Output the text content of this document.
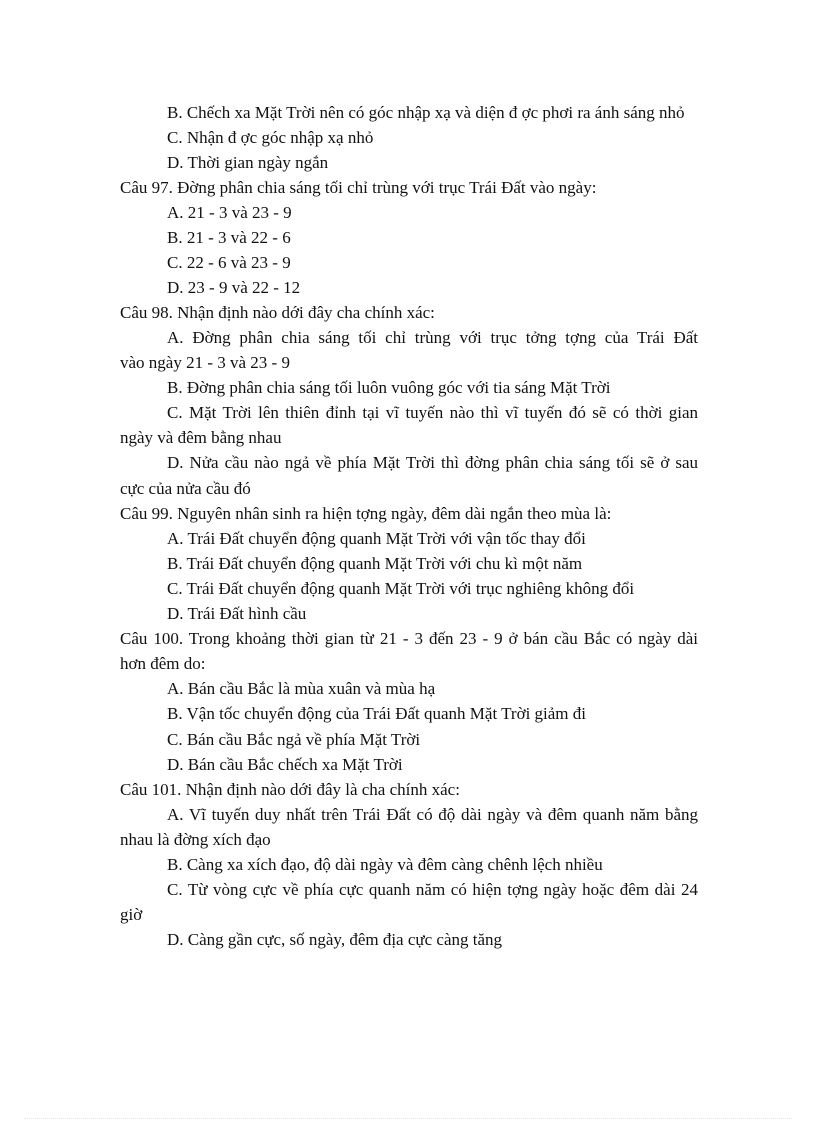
B. Chếch xa Mặt Trời nên có góc nhập xạ và diện đ ợc phơi ra ánh sáng nhỏ
C. Nhận đ ợc góc nhập xạ nhỏ
D. Thời gian ngày ngắn
Câu 97. Đờng phân chia sáng tối chỉ trùng với trục Trái Đất vào ngày:
A. 21 - 3 và 23 - 9
B. 21 - 3 và 22 - 6
C. 22 - 6 và 23 - 9
D. 23 - 9 và 22 - 12
Câu 98. Nhận định nào dới đây cha chính xác:
A. Đờng phân chia sáng tối chỉ trùng với trục tởng tợng của Trái Đất
vào ngày 21 - 3 và 23 - 9
B. Đờng phân chia sáng tối luôn vuông góc với tia sáng Mặt Trời
C. Mặt Trời lên thiên đỉnh tại vĩ tuyến nào thì vĩ tuyến đó sẽ có thời gian
ngày và đêm bằng nhau
D. Nửa cầu nào ngả về phía Mặt Trời thì đờng phân chia sáng tối sẽ ở sau
cực của nửa cầu đó
Câu 99. Nguyên nhân sinh ra hiện tợng ngày, đêm dài ngắn theo mùa là:
A. Trái Đất chuyển động quanh Mặt Trời với vận tốc thay đổi
B. Trái Đất chuyển động quanh Mặt Trời với chu kì một năm
C. Trái Đất chuyển động quanh Mặt Trời với trục nghiêng không đổi
D. Trái Đất hình cầu
Câu 100. Trong khoảng thời gian từ 21 - 3 đến 23 - 9 ở bán cầu Bắc có ngày dài
hơn đêm do:
A. Bán cầu Bắc là mùa xuân và mùa hạ
B. Vận tốc chuyển động của Trái Đất quanh Mặt Trời giảm đi
C. Bán cầu Bắc ngả về phía Mặt Trời
D. Bán cầu Bắc chếch xa Mặt Trời
Câu 101. Nhận định nào dới đây là cha chính xác:
A. Vĩ tuyến duy nhất trên Trái Đất có độ dài ngày và đêm quanh năm bằng
nhau là đờng xích đạo
B. Càng xa xích đạo, độ dài ngày và đêm càng chênh lệch nhiều
C. Từ vòng cực về phía cực quanh năm có hiện tợng ngày hoặc đêm dài 24
giờ
D. Càng gần cực, số ngày, đêm địa cực càng tăng
